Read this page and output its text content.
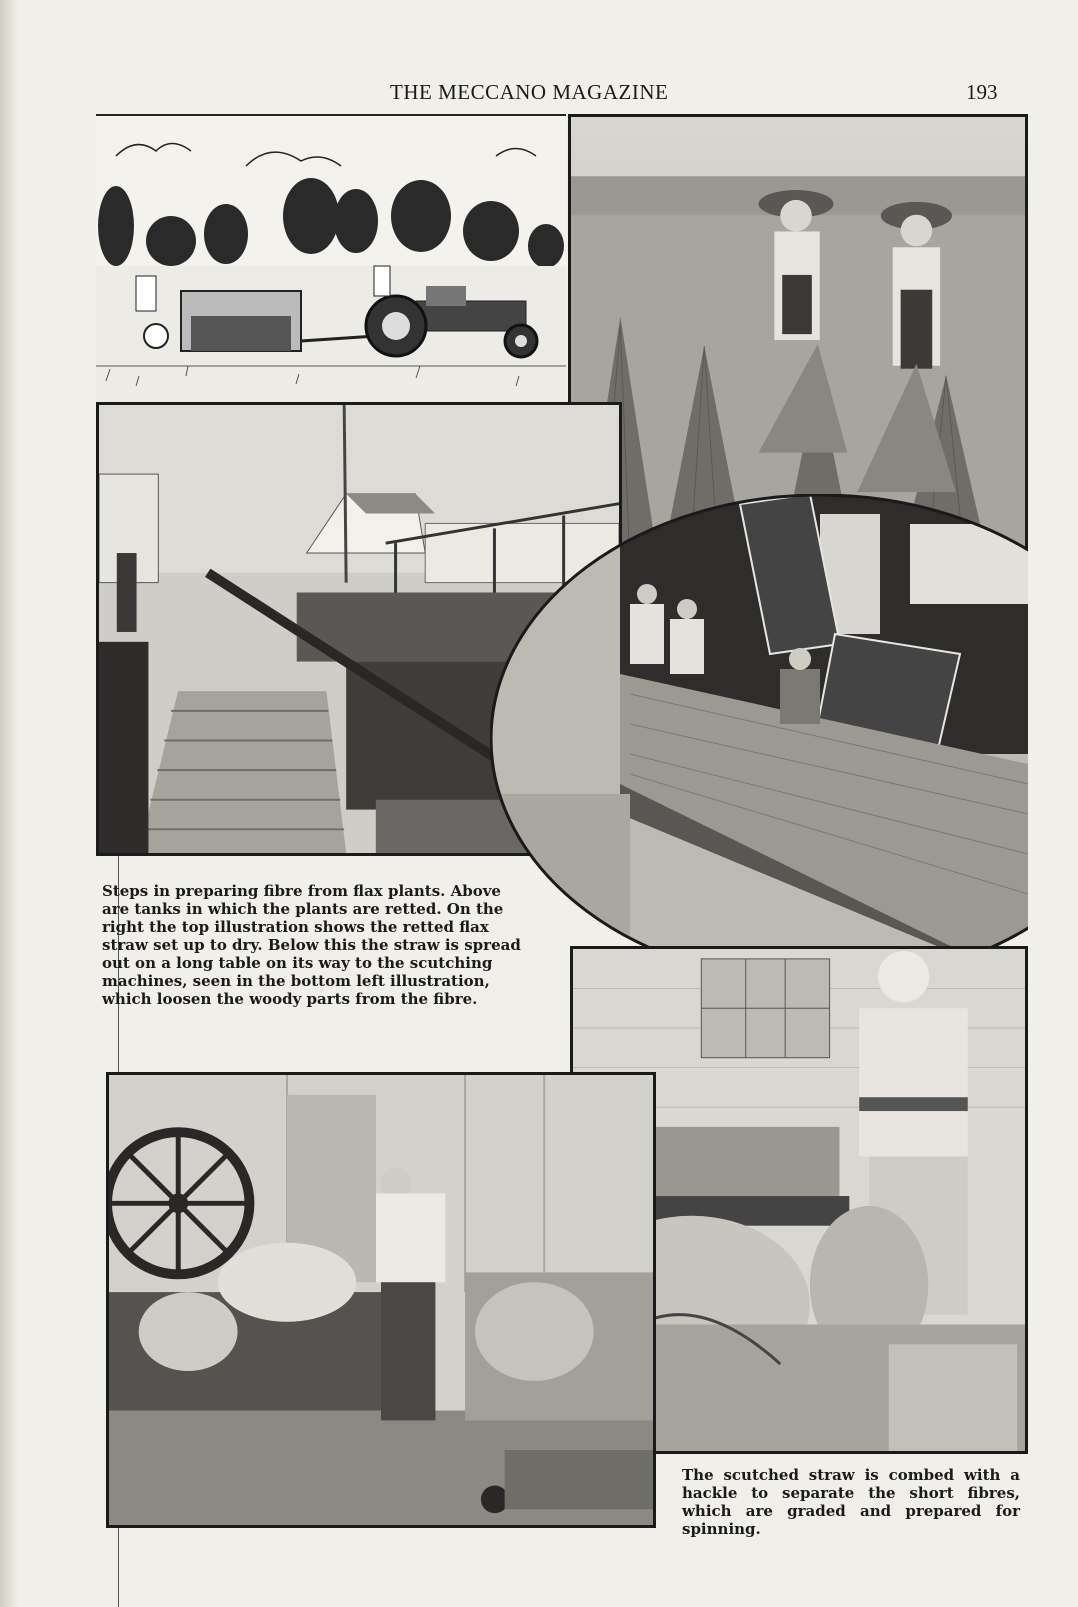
THE MECCANO MAGAZINE	193

Steps in preparing fibre from flax plants. Above are tanks in which the plants are retted. On the right the top illustration shows the retted flax straw set up to dry. Below this the straw is spread out on a long table on its way to the scutching machines, seen in the bottom left illustration, which loosen the woody parts from the fibre.

The scutched straw is combed with a hackle to separate the short fibres, which are graded and prepared for spinning.
